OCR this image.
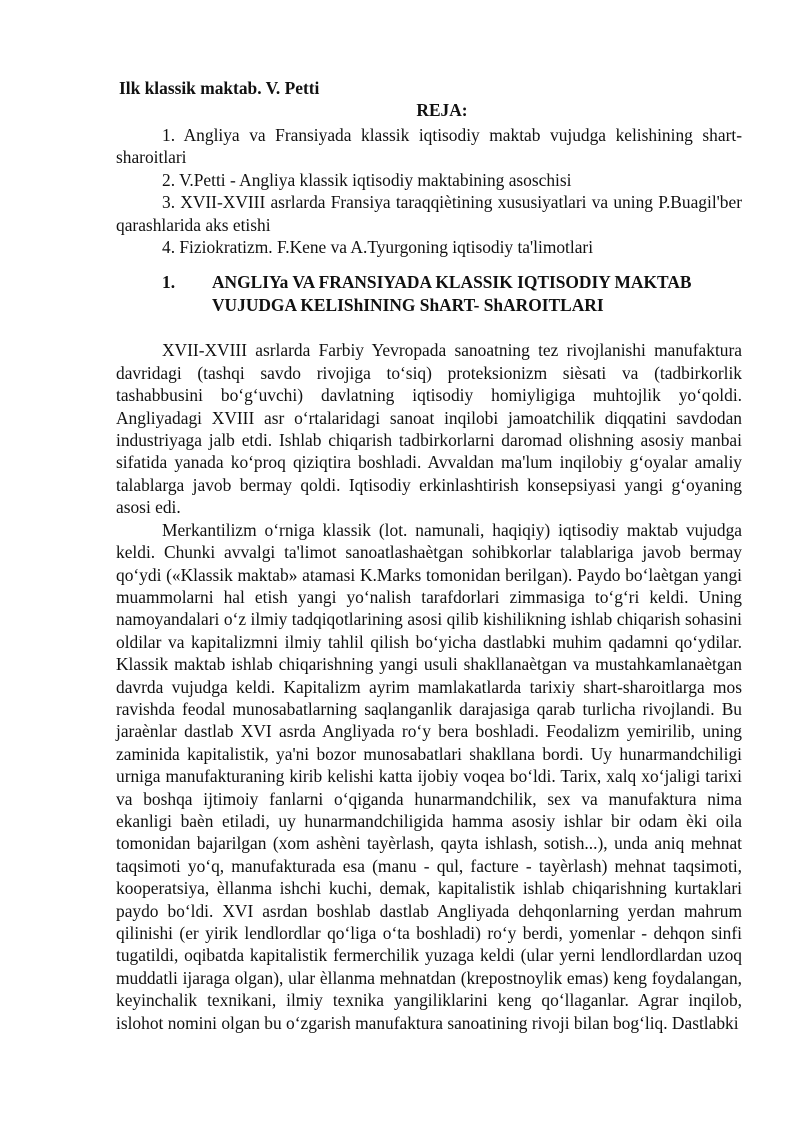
Ilk klassik maktab. V. Petti

REJA:

1. Angliya va Fransiyada klassik iqtisodiy maktab vujudga kelishining shart-sharoitlari

2. V.Petti - Angliya klassik iqtisodiy maktabining asoschisi

3. XVII-XVIII asrlarda Fransiya taraqqiètining xususiyatlari va uning P.Buagil'ber qarashlarida aks etishi

4. Fiziokratizm. F.Kene va A.Tyurgoning iqtisodiy ta'limotlari

1.	ANGLIYa VA FRANSIYADA KLASSIK IQTISODIY MAKTAB VUJUDGA KELIShINING ShART- ShAROITLARI

XVII-XVIII asrlarda Farbiy Yevropada sanoatning tez rivojlanishi manufaktura davridagi (tashqi savdo rivojiga to‘siq) proteksionizm sièsati va (tadbirkorlik tashabbusini bo‘g‘uvchi) davlatning iqtisodiy homiyligiga muhtojlik yo‘qoldi. Angliyadagi XVIII asr o‘rtalaridagi sanoat inqilobi jamoatchilik diqqatini savdodan industriyaga jalb etdi. Ishlab chiqarish tadbirkorlarni daromad olishning asosiy manbai sifatida yanada ko‘proq qiziqtira boshladi. Avvaldan ma'lum inqilobiy g‘oyalar amaliy talablarga javob bermay qoldi. Iqtisodiy erkinlashtirish konsepsiyasi yangi g‘oyaning asosi edi.

Merkantilizm o‘rniga klassik (lot. namunali, haqiqiy) iqtisodiy maktab vujudga keldi. Chunki avvalgi ta'limot sanoatlashaètgan sohibkorlar talablariga javob bermay qo‘ydi («Klassik maktab» atamasi K.Marks tomonidan berilgan). Paydo bo‘laètgan yangi muammolarni hal etish yangi yo‘nalish tarafdorlari zimmasiga to‘g‘ri keldi. Uning namoyandalari o‘z ilmiy tadqiqotlarining asosi qilib kishilikning ishlab chiqarish sohasini oldilar va kapitalizmni ilmiy tahlil qilish bo‘yicha dastlabki muhim qadamni qo‘ydilar. Klassik maktab ishlab chiqarishning yangi usuli shakllanaètgan va mustahkamlanaètgan davrda vujudga keldi. Kapitalizm ayrim mamlakatlarda tarixiy shart-sharoitlarga mos ravishda feodal munosabatlarning saqlanganlik darajasiga qarab turlicha rivojlandi. Bu jaraènlar dastlab XVI asrda Angliyada ro‘y bera boshladi. Feodalizm yemirilib, uning zaminida kapitalistik, ya'ni bozor munosabatlari shakllana bordi. Uy hunarmandchiligi urniga manufakturaning kirib kelishi katta ijobiy voqea bo‘ldi. Tarix, xalq xo‘jaligi tarixi va boshqa ijtimoiy fanlarni o‘qiganda hunarmandchilik, sex va manufaktura nima ekanligi baèn etiladi, uy hunarmandchiligida hamma asosiy ishlar bir odam èki oila tomonidan bajarilgan (xom ashèni tayèrlash, qayta ishlash, sotish...), unda aniq mehnat taqsimoti yo‘q, manufakturada esa (manu - qul, facture - tayèrlash) mehnat taqsimoti, kooperatsiya, èllanma ishchi kuchi, demak, kapitalistik ishlab chiqarishning kurtaklari paydo bo‘ldi. XVI asrdan boshlab dastlab Angliyada dehqonlarning yerdan mahrum qilinishi (er yirik lendlordlar qo‘liga o‘ta boshladi) ro‘y berdi, yomenlar - dehqon sinfi tugatildi, oqibatda kapitalistik fermerchilik yuzaga keldi (ular yerni lendlordlardan uzoq muddatli ijaraga olgan), ular èllanma mehnatdan (krepostnoylik emas) keng foydalangan, keyinchalik texnikani, ilmiy texnika yangiliklarini keng qo‘llaganlar. Agrar inqilob, islohot nomini olgan bu o‘zgarish manufaktura sanoatining rivoji bilan bog‘liq. Dastlabki
